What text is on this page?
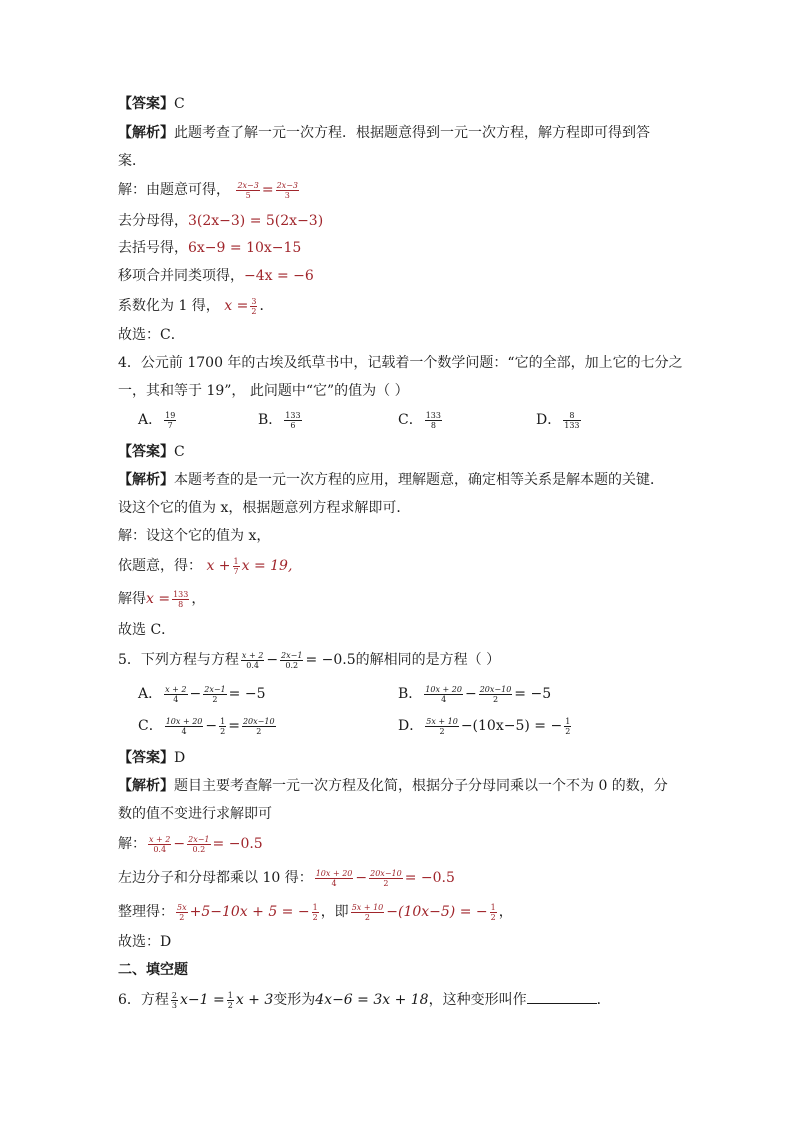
【答案】C
【解析】此题考查了解一元一次方程．根据题意得到一元一次方程，解方程即可得到答
案．
解：由题意可得， $\frac{2x-3}{5} = \frac{2x-3}{3}$
去分母得，3(2x−3) = 5(2x−3)
去括号得，6x−9 = 10x−15
移项合并同类项得，−4x = −6
系数化为 1 得， $x = \frac{3}{2}$ ．
故选：C．
4．公元前 1700 年的古埃及纸草书中，记载着一个数学问题：“它的全部，加上它的七分之
一，其和等于 19”， 此问题中“它”的值为（ ）
A． $\frac{19}{7}$	B． $\frac{133}{6}$	C． $\frac{133}{8}$	D． $\frac{8}{133}$
【答案】C
【解析】本题考查的是一元一次方程的应用，理解题意，确定相等关系是解本题的关键．
设这个它的值为 x，根据题意列方程求解即可．
解：设这个它的值为 x，
依题意，得： $x + \frac{1}{7}$ x = 19,
解得$x = \frac{133}{8}$ ，
故选 C．
5．下列方程与方程 $\frac{x + 2}{0.4} - \frac{2x-1}{0.2} = -0.5$的解相同的是方程（ ）
A． $\frac{x + 2}{4} - \frac{2x-1}{2} = -5$	B． $\frac{10x + 20}{4} - \frac{20x-10}{2} = -5$
C． $\frac{10x + 20}{4} - \frac{1}{2} = \frac{20x-10}{2}$	D． $\frac{5x + 10}{2} -(10x-5)$ = − $\frac{1}{2}$
【答案】D
【解析】题目主要考查解一元一次方程及化简，根据分子分母同乘以一个不为 0 的数，分
数的值不变进行求解即可
解： $\frac{x + 2}{0.4} - \frac{2x-1}{0.2} = -0.5$
左边分子和分母都乘以 10 得： $\frac{10x + 20}{4} - \frac{20x-10}{2} = -0.5$
整理得： $\frac{5x}{2} +5-10x + 5$ = − $\frac{1}{2}$ ，即 $\frac{5x + 10}{2} -(10x-5)$ = − $\frac{1}{2}$ ，
故选：D
二、填空题
6．方程 $\frac{2}{3} x-1 = \frac{1}{2}$ x + 3变形为4x−6 = 3x + 18，这种变形叫作	．
